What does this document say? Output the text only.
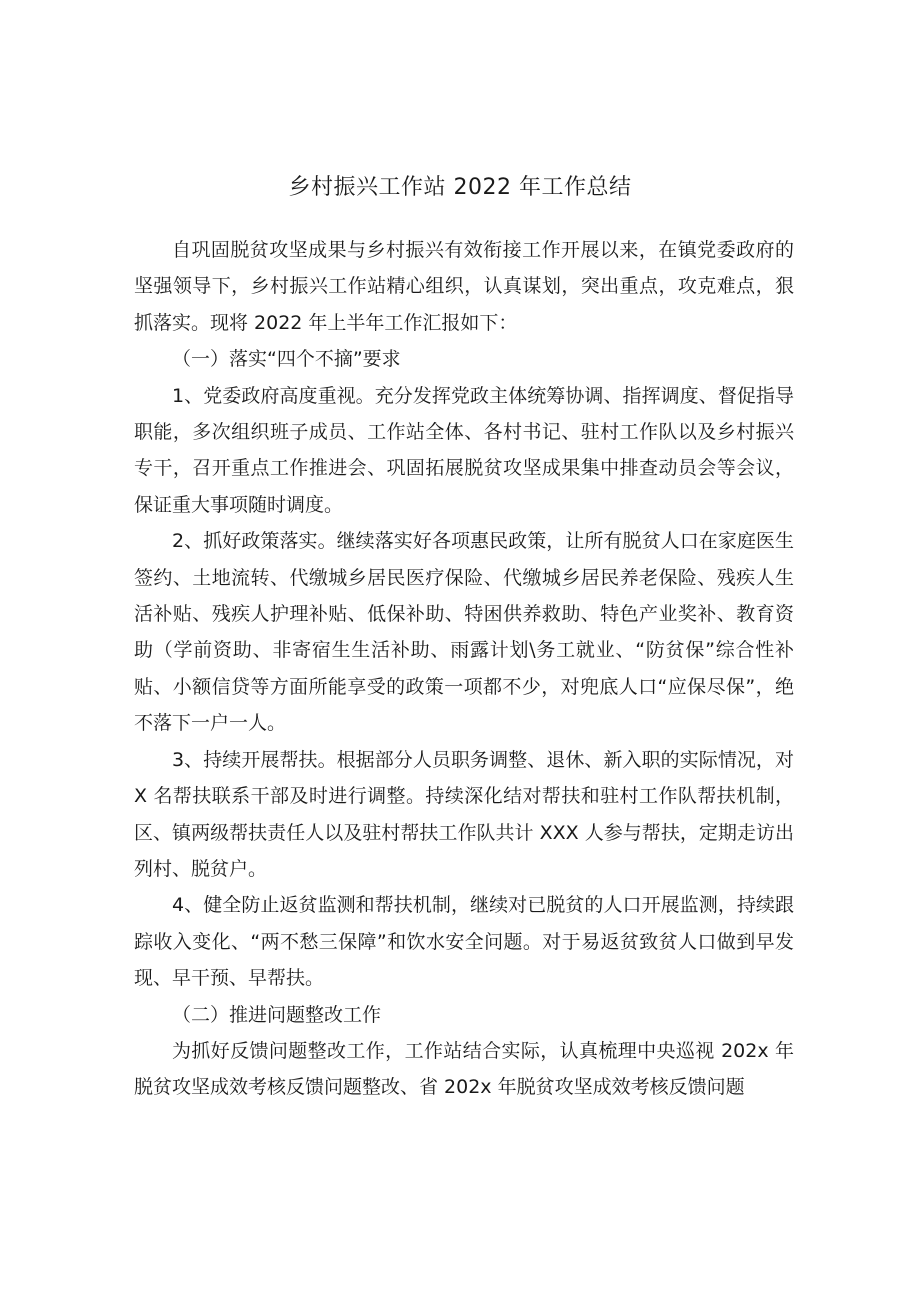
乡村振兴工作站 2022 年工作总结

自巩固脱贫攻坚成果与乡村振兴有效衔接工作开展以来，在镇党委政府的坚强领导下，乡村振兴工作站精心组织，认真谋划，突出重点，攻克难点，狠抓落实。现将 2022 年上半年工作汇报如下：

（一）落实“四个不摘”要求

1、党委政府高度重视。充分发挥党政主体统筹协调、指挥调度、督促指导职能，多次组织班子成员、工作站全体、各村书记、驻村工作队以及乡村振兴专干，召开重点工作推进会、巩固拓展脱贫攻坚成果集中排查动员会等会议，保证重大事项随时调度。

2、抓好政策落实。继续落实好各项惠民政策，让所有脱贫人口在家庭医生签约、土地流转、代缴城乡居民医疗保险、代缴城乡居民养老保险、残疾人生活补贴、残疾人护理补贴、低保补助、特困供养救助、特色产业奖补、教育资助（学前资助、非寄宿生生活补助、雨露计划\务工就业、“防贫保”综合性补贴、小额信贷等方面所能享受的政策一项都不少，对兜底人口“应保尽保”，绝不落下一户一人。

3、持续开展帮扶。根据部分人员职务调整、退休、新入职的实际情况，对 X 名帮扶联系干部及时进行调整。持续深化结对帮扶和驻村工作队帮扶机制，区、镇两级帮扶责任人以及驻村帮扶工作队共计 XXX 人参与帮扶，定期走访出列村、脱贫户。

4、健全防止返贫监测和帮扶机制，继续对已脱贫的人口开展监测，持续跟踪收入变化、“两不愁三保障”和饮水安全问题。对于易返贫致贫人口做到早发现、早干预、早帮扶。

（二）推进问题整改工作

为抓好反馈问题整改工作，工作站结合实际，认真梳理中央巡视 202x 年脱贫攻坚成效考核反馈问题整改、省 202x 年脱贫攻坚成效考核反馈问题
